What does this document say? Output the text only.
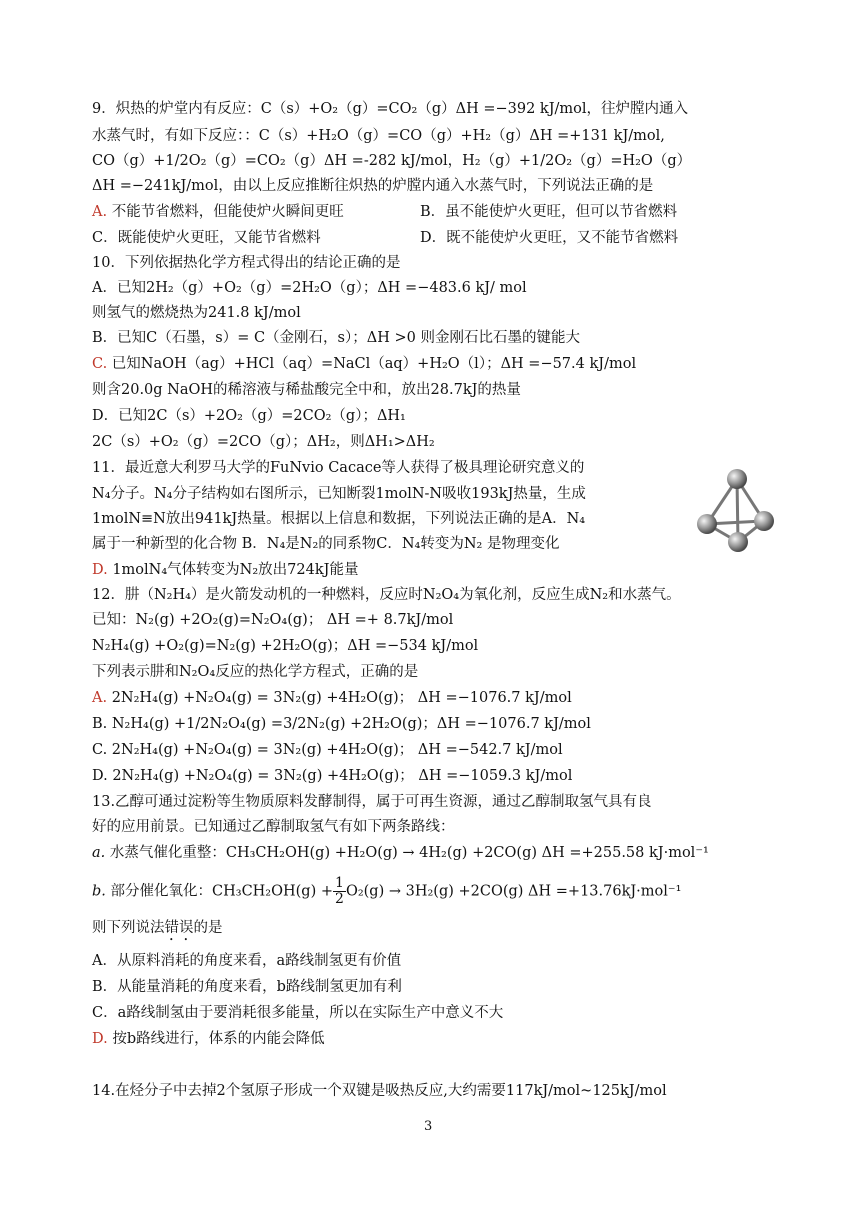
9．炽热的炉堂内有反应：C（s）+O₂（g）=CO₂（g）ΔH =−392 kJ/mol，往炉膛内通入
水蒸气时，有如下反应：：C（s）+H₂O（g）=CO（g）+H₂（g）ΔH =+131 kJ/mol,
CO（g）+1/2O₂（g）=CO₂（g）ΔH =-282 kJ/mol，H₂（g）+1/2O₂（g）=H₂O（g）
ΔH =−241kJ/mol，由以上反应推断往炽热的炉膛内通入水蒸气时，下列说法正确的是
A. 不能节省燃料，但能使炉火瞬间更旺	B．虽不能使炉火更旺，但可以节省燃料
C．既能使炉火更旺，又能节省燃料	D．既不能使炉火更旺，又不能节省燃料
10．下列依据热化学方程式得出的结论正确的是
A．已知2H₂（g）+O₂（g）=2H₂O（g）；ΔH =−483.6 kJ/ mol
则氢气的燃烧热为241.8 kJ/mol
B．已知C（石墨，s）= C（金刚石，s）；ΔH >0 则金刚石比石墨的键能大
C. 已知NaOH（ag）+HCl（aq）=NaCl（aq）+H₂O（l）；ΔH =−57.4 kJ/mol
则含20.0g NaOH的稀溶液与稀盐酸完全中和，放出28.7kJ的热量
D．已知2C（s）+2O₂（g）=2CO₂（g）；ΔH₁
2C（s）+O₂（g）=2CO（g）；ΔH₂，则ΔH₁>ΔH₂
11．最近意大利罗马大学的FuNvio Cacace等人获得了极具理论研究意义的
N₄分子。N₄分子结构如右图所示，已知断裂1molN-N吸收193kJ热量，生成
1molN≡N放出941kJ热量。根据以上信息和数据，下列说法正确的是A．N₄
属于一种新型的化合物 B．N₄是N₂的同系物C．N₄转变为N₂ 是物理变化
D. 1molN₄气体转变为N₂放出724kJ能量
12．肼（N₂H₄）是火箭发动机的一种燃料，反应时N₂O₄为氧化剂，反应生成N₂和水蒸气。
已知：N₂(g) +2O₂(g)=N₂O₄(g)； ΔH =+ 8.7kJ/mol
N₂H₄(g) +O₂(g)=N₂(g) +2H₂O(g)；ΔH =−534 kJ/mol
下列表示肼和N₂O₄反应的热化学方程式，正确的是
A. 2N₂H₄(g) +N₂O₄(g) = 3N₂(g) +4H₂O(g)； ΔH =−1076.7 kJ/mol
B. N₂H₄(g) +1/2N₂O₄(g) =3/2N₂(g) +2H₂O(g)；ΔH =−1076.7 kJ/mol
C. 2N₂H₄(g) +N₂O₄(g) = 3N₂(g) +4H₂O(g)； ΔH =−542.7 kJ/mol
D. 2N₂H₄(g) +N₂O₄(g) = 3N₂(g) +4H₂O(g)； ΔH =−1059.3 kJ/mol
13.乙醇可通过淀粉等生物质原料发酵制得，属于可再生资源，通过乙醇制取氢气具有良
好的应用前景。已知通过乙醇制取氢气有如下两条路线：
a. 水蒸气催化重整：CH₃CH₂OH(g) +H₂O(g) → 4H₂(g) +2CO(g) ΔH =+255.58 kJ·mol⁻¹
b. 部分催化氧化：$CH_3CH_2OH(g) + \frac{1}{2} O_2(g) \to 3H_2(g) +2CO(g)$ ΔH =+13.76kJ·mol⁻¹
则下列说法错误的是
A．从原料消耗的角度来看，a路线制氢更有价值
B．从能量消耗的角度来看，b路线制氢更加有利
C．a路线制氢由于要消耗很多能量，所以在实际生产中意义不大
D. 按b路线进行，体系的内能会降低
14.在烃分子中去掉2个氢原子形成一个双键是吸热反应,大约需要117kJ/mol~125kJ/mol
3
